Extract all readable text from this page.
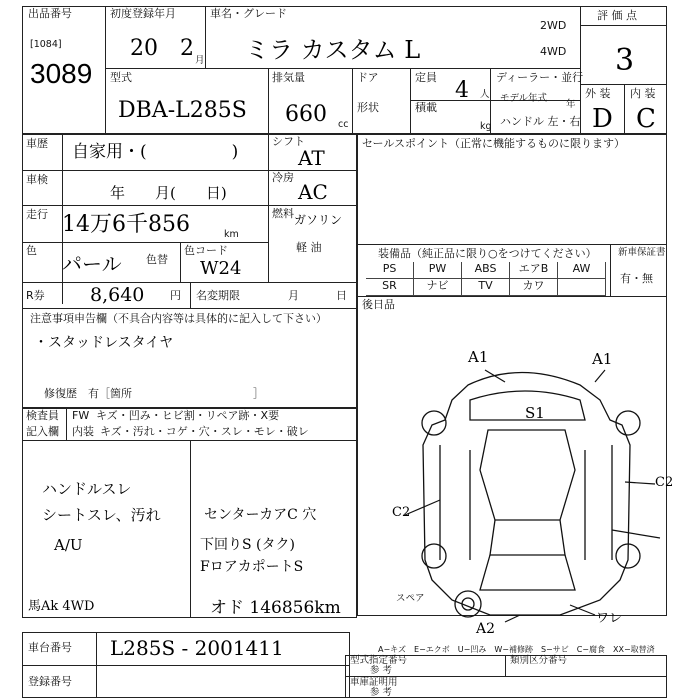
出品番号
[1084]
3089
初度登録年月
20 2 月
車名・グレード
ミラ カスタム L
2WD
4WD
評 価 点
3
外 装 内 装
D C
型式
DBA-L285S
排気量
660 cc
ドア
形状
定員
4 人
積載
kg
ディーラー・並行
モデル年式
年
ハンドル 左・右
車歴 自家用・(　　　　　)
シフト
AT
車検
年　　月(　　日)
冷房
AC
走行 14万6千856	km
燃料 ガソリン
軽 油
色
パール 色替
色コード
W24
R券 8,640 円 名変期限	月	日
注意事項申告欄（不具合内容等は具体的に記入して下さい）
・スタッドレスタイヤ
修復歴　有［箇所　　　　　　　　　　　］
セールスポイント（正常に機能するものに限ります）
装備品（純正品に限り○をつけてください） 新車保証書
有・無
PS	PW	ABS	エアB	AW
SR	ナビ	TV	カワ
後日品
検査員
記入欄
FW キズ・凹み・ヒビ割・リペア跡・X要
内装 キズ・汚れ・コゲ・穴・スレ・モレ・破レ
ハンドルスレ
シートスレ、汚れ
A/U
センターカアC 穴
下回りS (タク)
FロアカポートS
馬Ak 4WD	オド 146856km
A1	A1
S1
C2
C2
A2
ワレ
スペア
A−キズ　E−エクボ　U−凹み　W−補修跡　S−サビ　C−腐食　XX−取替済
車台番号 L285S - 2001411
登録番号
型式指定番号
参 考
類別区分番号
車庫証明用
参 考
